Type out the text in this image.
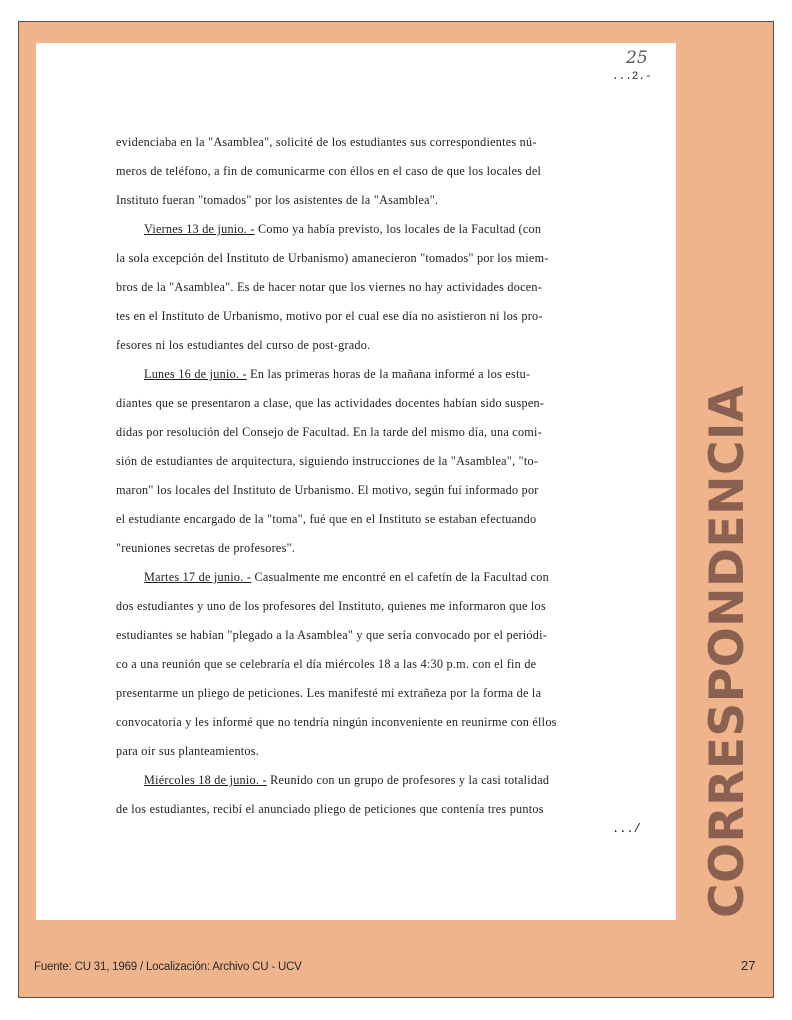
25
...2.-
evidenciaba en la "Asamblea", solicité de los estudiantes sus correspondientes nú-
meros de teléfono, a fin de comunicarme con éllos en el caso de que los locales del
Instituto fueran "tomados" por los asistentes de la "Asamblea".
Viernes 13 de junio. - Como ya había previsto, los locales de la Facultad (con
la sola excepción del Instituto de Urbanismo) amanecieron "tomados" por los miem-
bros de la "Asamblea". Es de hacer notar que los viernes no hay actividades docen-
tes en el Instituto de Urbanismo, motivo por el cual ese día no asistieron ni los pro-
fesores ni los estudiantes del curso de post-grado.
Lunes 16 de junio. - En las primeras horas de la mañana informé a los estu-
diantes que se presentaron a clase, que las actividades docentes habían sido suspen-
didas por resolución del Consejo de Facultad. En la tarde del mismo día, una comi-
sión de estudiantes de arquitectura, siguiendo instrucciones de la "Asamblea", "to-
maron" los locales del Instituto de Urbanismo. El motivo, según fuí informado por
el estudiante encargado de la "toma", fué que en el Instituto se estaban efectuando
"reuniones secretas de profesores".
Martes 17 de junio. - Casualmente me encontré en el cafetín de la Facultad con
dos estudiantes y uno de los profesores del Instituto, quienes me informaron que los
estudiantes se habían "plegado a la Asamblea" y que sería convocado por el periódi-
co a una reunión que se celebraría el día miércoles 18 a las 4:30 p.m. con el fin de
presentarme un pliego de peticiones. Les manifesté mi extrañeza por la forma de la
convocatoria y les informé que no tendría ningún inconveniente en reunirme con éllos
para oir sus planteamientos.
Miércoles 18 de junio. - Reunido con un grupo de profesores y la casi totalidad
de los estudiantes, recibí el anunciado pliego de peticiones que contenía tres puntos
.../ CORRESPONDENCIA
Fuente: CU 31, 1969 / Localización: Archivo CU - UCV	27
